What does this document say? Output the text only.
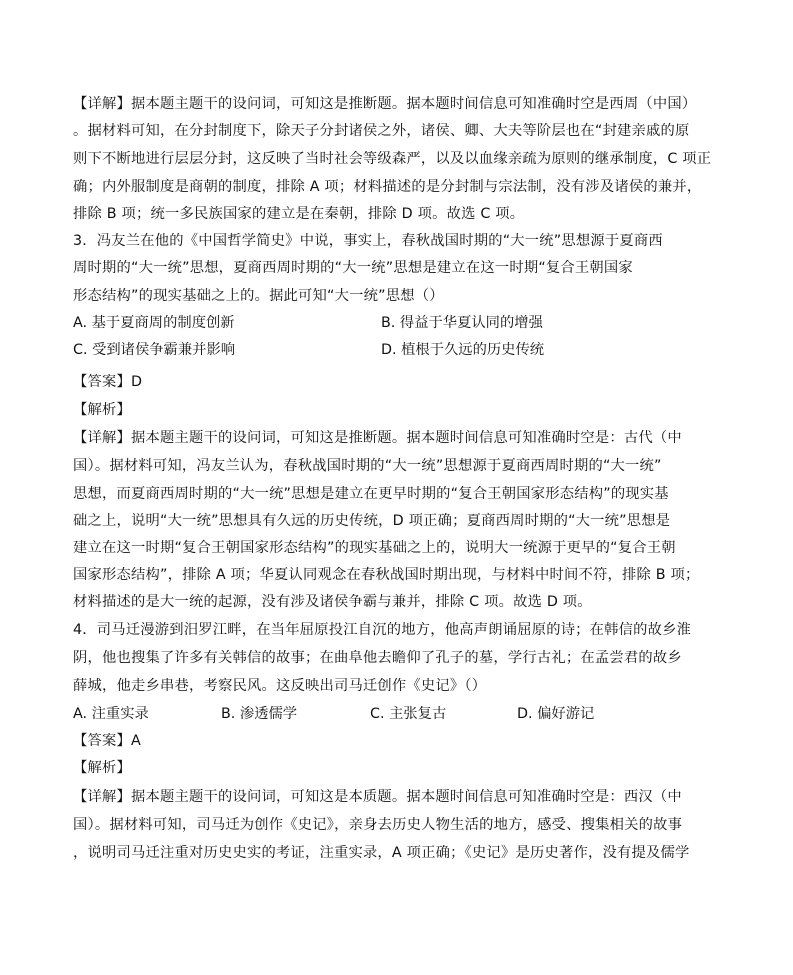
【详解】据本题主题干的设问词，可知这是推断题。据本题时间信息可知准确时空是西周（中国）
。据材料可知，在分封制度下，除天子分封诸侯之外，诸侯、卿、大夫等阶层也在“封建亲戚的原
则下不断地进行层层分封，这反映了当时社会等级森严，以及以血缘亲疏为原则的继承制度，C 项正
确；内外服制度是商朝的制度，排除 A 项；材料描述的是分封制与宗法制，没有涉及诸侯的兼并，
排除 B 项；统一多民族国家的建立是在秦朝，排除 D 项。故选 C 项。
3．冯友兰在他的《中国哲学简史》中说，事实上，春秋战国时期的“大一统”思想源于夏商西
周时期的“大一统”思想，夏商西周时期的“大一统”思想是建立在这一时期“复合王朝国家
形态结构”的现实基础之上的。据此可知“大一统”思想（）
A. 基于夏商周的制度创新	B. 得益于华夏认同的增强
C. 受到诸侯争霸兼并影响	D. 植根于久远的历史传统
【答案】D
【解析】
【详解】据本题主题干的设问词，可知这是推断题。据本题时间信息可知准确时空是：古代（中
国）。据材料可知，冯友兰认为，春秋战国时期的“大一统”思想源于夏商西周时期的“大一统”
思想，而夏商西周时期的“大一统”思想是建立在更早时期的“复合王朝国家形态结构”的现实基
础之上，说明“大一统”思想具有久远的历史传统，D 项正确；夏商西周时期的“大一统”思想是
建立在这一时期“复合王朝国家形态结构”的现实基础之上的，说明大一统源于更早的“复合王朝
国家形态结构”，排除 A 项；华夏认同观念在春秋战国时期出现，与材料中时间不符，排除 B 项；
材料描述的是大一统的起源，没有涉及诸侯争霸与兼并，排除 C 项。故选 D 项。
4．司马迁漫游到汨罗江畔，在当年屈原投江自沉的地方，他高声朗诵屈原的诗；在韩信的故乡淮
阴，他也搜集了许多有关韩信的故事；在曲阜他去瞻仰了孔子的墓，学行古礼；在孟尝君的故乡
薛城，他走乡串巷，考察民风。这反映出司马迁创作《史记》（）
A. 注重实录	B. 渗透儒学	C. 主张复古	D. 偏好游记
【答案】A
【解析】
【详解】据本题主题干的设问词，可知这是本质题。据本题时间信息可知准确时空是：西汉（中
国）。据材料可知，司马迁为创作《史记》，亲身去历史人物生活的地方，感受、搜集相关的故事
，说明司马迁注重对历史史实的考证，注重实录，A 项正确；《史记》是历史著作，没有提及儒学
